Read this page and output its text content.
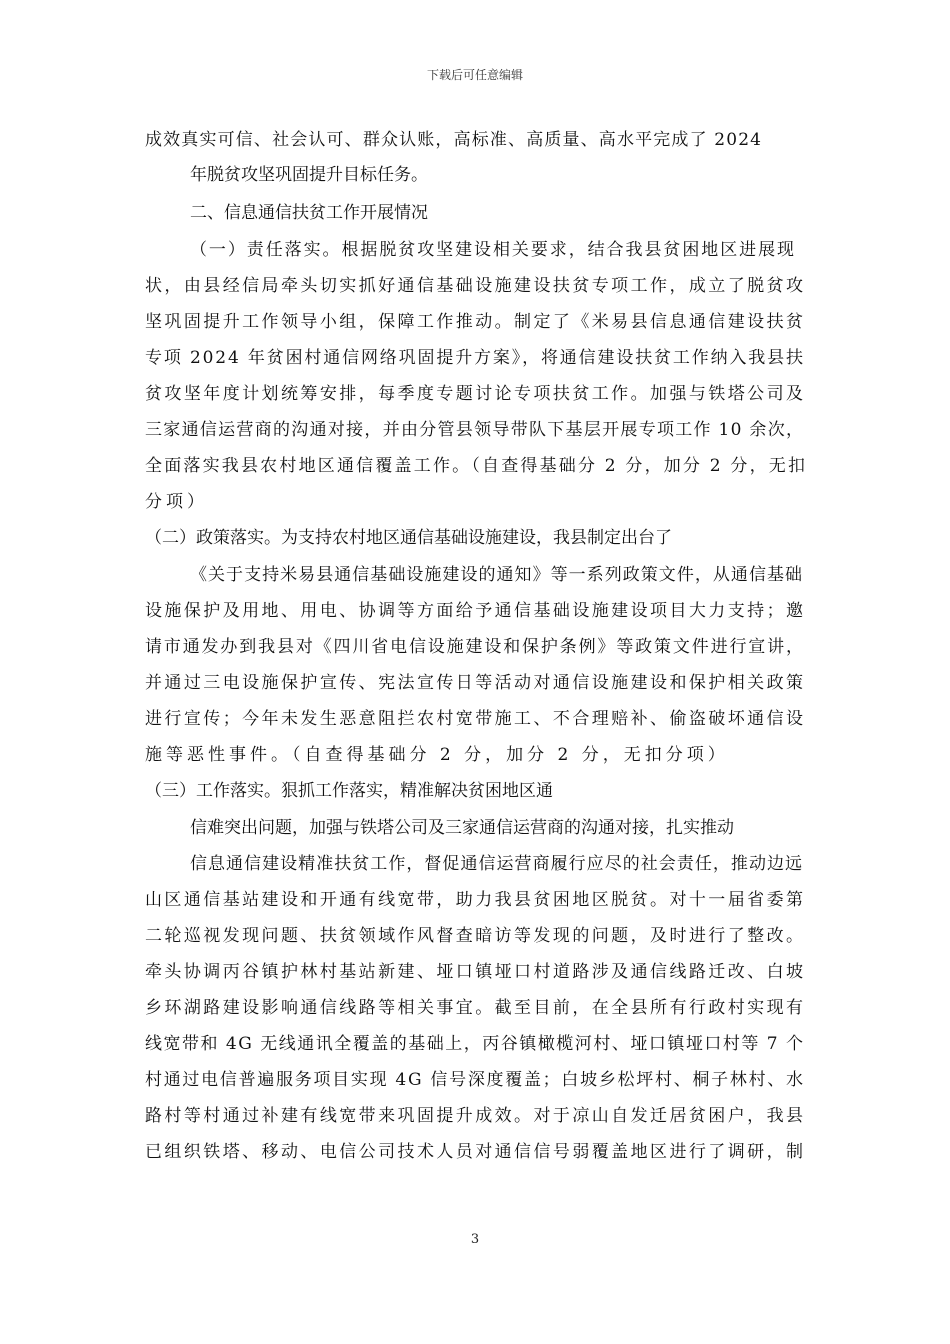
下载后可任意编辑
成效真实可信、社会认可、群众认账，高标准、高质量、高水平完成了 2024
年脱贫攻坚巩固提升目标任务。
二、信息通信扶贫工作开展情况
（一）责任落实。根据脱贫攻坚建设相关要求，结合我县贫困地区进展现
状，由县经信局牵头切实抓好通信基础设施建设扶贫专项工作，成立了脱贫攻
坚巩固提升工作领导小组，保障工作推动。制定了《米易县信息通信建设扶贫
专项 2024 年贫困村通信网络巩固提升方案》，将通信建设扶贫工作纳入我县扶
贫攻坚年度计划统筹安排，每季度专题讨论专项扶贫工作。加强与铁塔公司及
三家通信运营商的沟通对接，并由分管县领导带队下基层开展专项工作 10 余次，
全面落实我县农村地区通信覆盖工作。（自查得基础分 2 分，加分 2 分，无扣
分项）
（二）政策落实。为支持农村地区通信基础设施建设，我县制定出台了
《关于支持米易县通信基础设施建设的通知》等一系列政策文件，从通信基础
设施保护及用地、用电、协调等方面给予通信基础设施建设项目大力支持；邀
请市通发办到我县对《四川省电信设施建设和保护条例》等政策文件进行宣讲，
并通过三电设施保护宣传、宪法宣传日等活动对通信设施建设和保护相关政策
进行宣传；今年未发生恶意阻拦农村宽带施工、不合理赔补、偷盗破坏通信设
施等恶性事件。（自查得基础分 2 分，加分 2 分，无扣分项）
（三）工作落实。狠抓工作落实，精准解决贫困地区通
信难突出问题，加强与铁塔公司及三家通信运营商的沟通对接，扎实推动
信息通信建设精准扶贫工作，督促通信运营商履行应尽的社会责任，推动边远
山区通信基站建设和开通有线宽带，助力我县贫困地区脱贫。对十一届省委第
二轮巡视发现问题、扶贫领域作风督查暗访等发现的问题，及时进行了整改。
牵头协调丙谷镇护林村基站新建、垭口镇垭口村道路涉及通信线路迁改、白坡
乡环湖路建设影响通信线路等相关事宜。截至目前，在全县所有行政村实现有
线宽带和 4G 无线通讯全覆盖的基础上，丙谷镇橄榄河村、垭口镇垭口村等 7 个
村通过电信普遍服务项目实现 4G 信号深度覆盖；白坡乡松坪村、桐子林村、水
路村等村通过补建有线宽带来巩固提升成效。对于凉山自发迁居贫困户，我县
已组织铁塔、移动、电信公司技术人员对通信信号弱覆盖地区进行了调研，制
3
